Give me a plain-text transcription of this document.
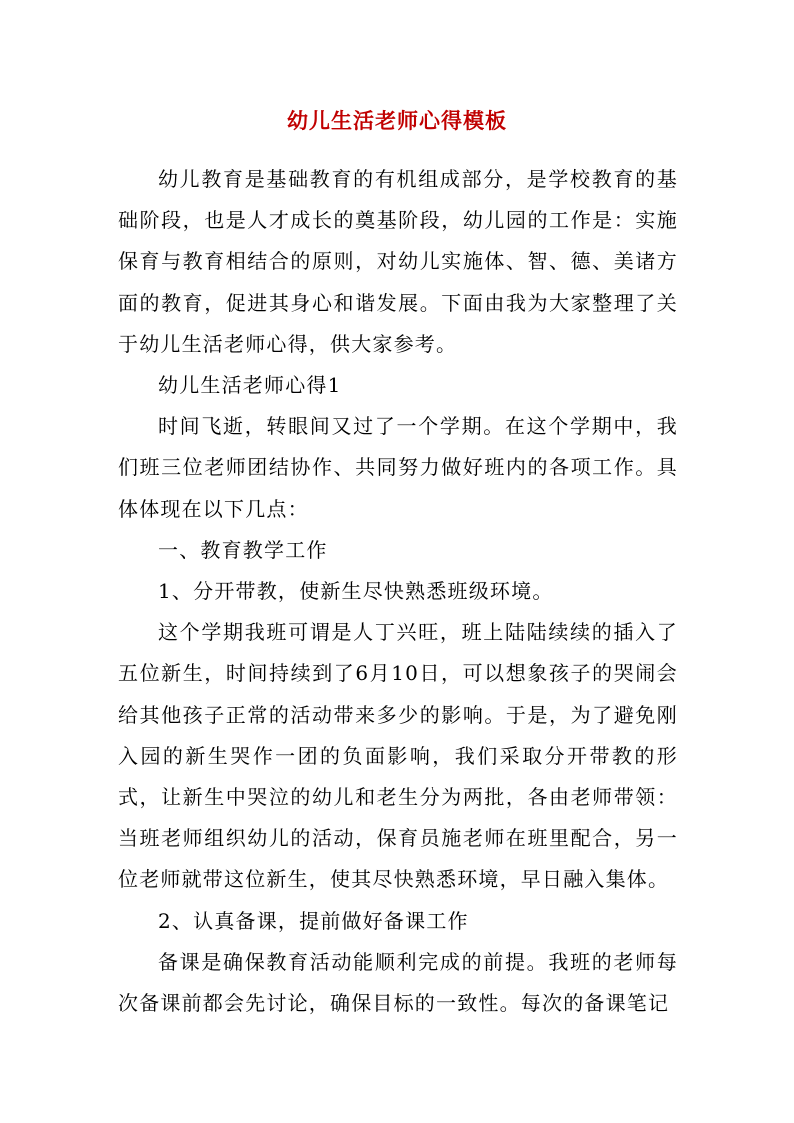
幼儿生活老师心得模板

幼儿教育是基础教育的有机组成部分，是学校教育的基础阶段，也是人才成长的奠基阶段，幼儿园的工作是：实施保育与教育相结合的原则，对幼儿实施体、智、德、美诸方面的教育，促进其身心和谐发展。下面由我为大家整理了关于幼儿生活老师心得，供大家参考。

幼儿生活老师心得1

时间飞逝，转眼间又过了一个学期。在这个学期中，我们班三位老师团结协作、共同努力做好班内的各项工作。具体体现在以下几点：

一、教育教学工作

1、分开带教，使新生尽快熟悉班级环境。

这个学期我班可谓是人丁兴旺，班上陆陆续续的插入了五位新生，时间持续到了6月10日，可以想象孩子的哭闹会给其他孩子正常的活动带来多少的影响。于是，为了避免刚入园的新生哭作一团的负面影响，我们采取分开带教的形式，让新生中哭泣的幼儿和老生分为两批，各由老师带领：当班老师组织幼儿的活动，保育员施老师在班里配合，另一位老师就带这位新生，使其尽快熟悉环境，早日融入集体。

2、认真备课，提前做好备课工作

备课是确保教育活动能顺利完成的前提。我班的老师每次备课前都会先讨论，确保目标的一致性。每次的备课笔记
